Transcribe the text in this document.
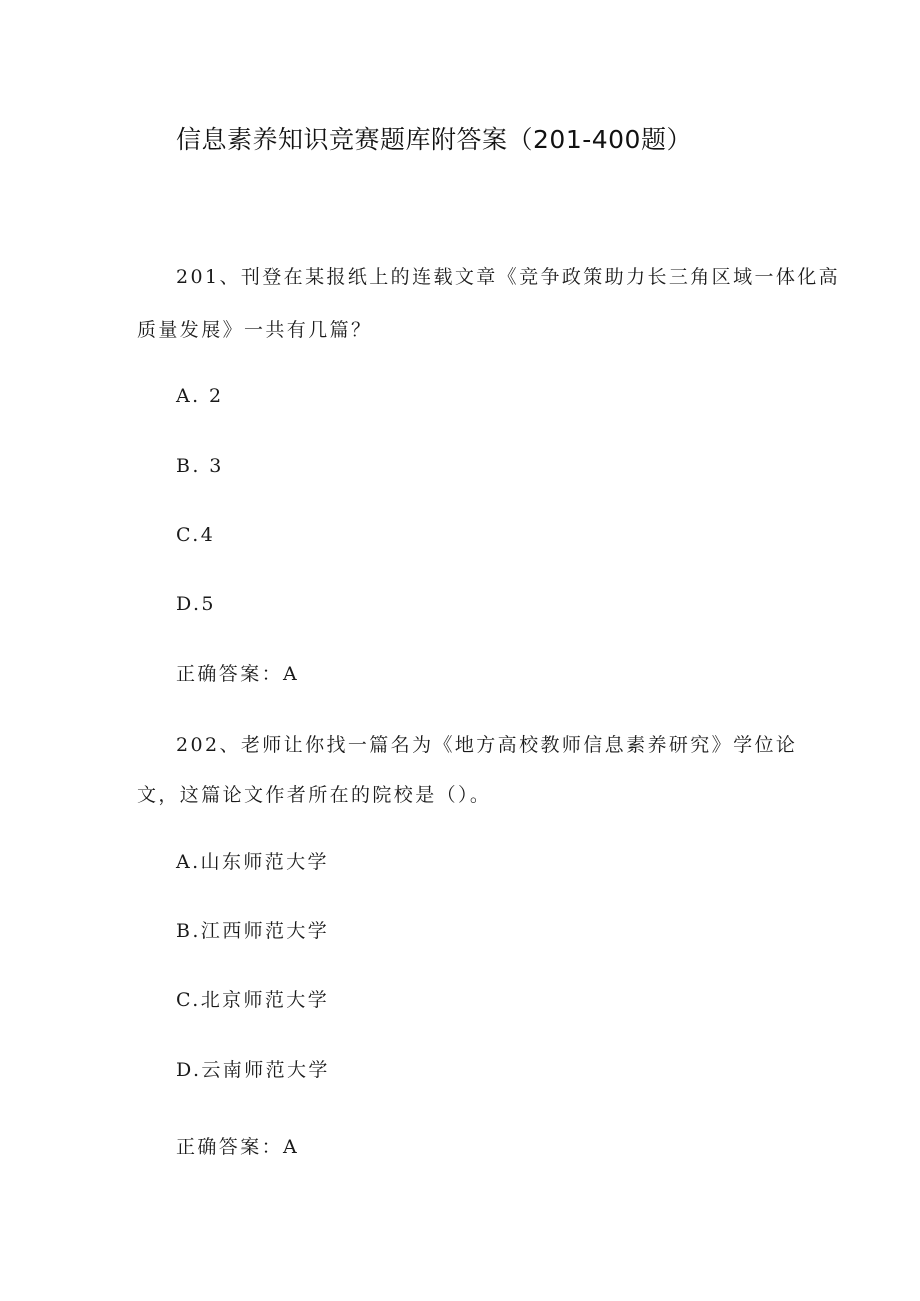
信息素养知识竞赛题库附答案（201-400题）
201、刊登在某报纸上的连载文章《竞争政策助力长三角区域一体化高
质量发展》一共有几篇？
A. 2
B. 3
C.4
D.5
正确答案：A
202、老师让你找一篇名为《地方高校教师信息素养研究》学位论
文，这篇论文作者所在的院校是（）。
A.山东师范大学
B.江西师范大学
C.北京师范大学
D.云南师范大学
正确答案：A
